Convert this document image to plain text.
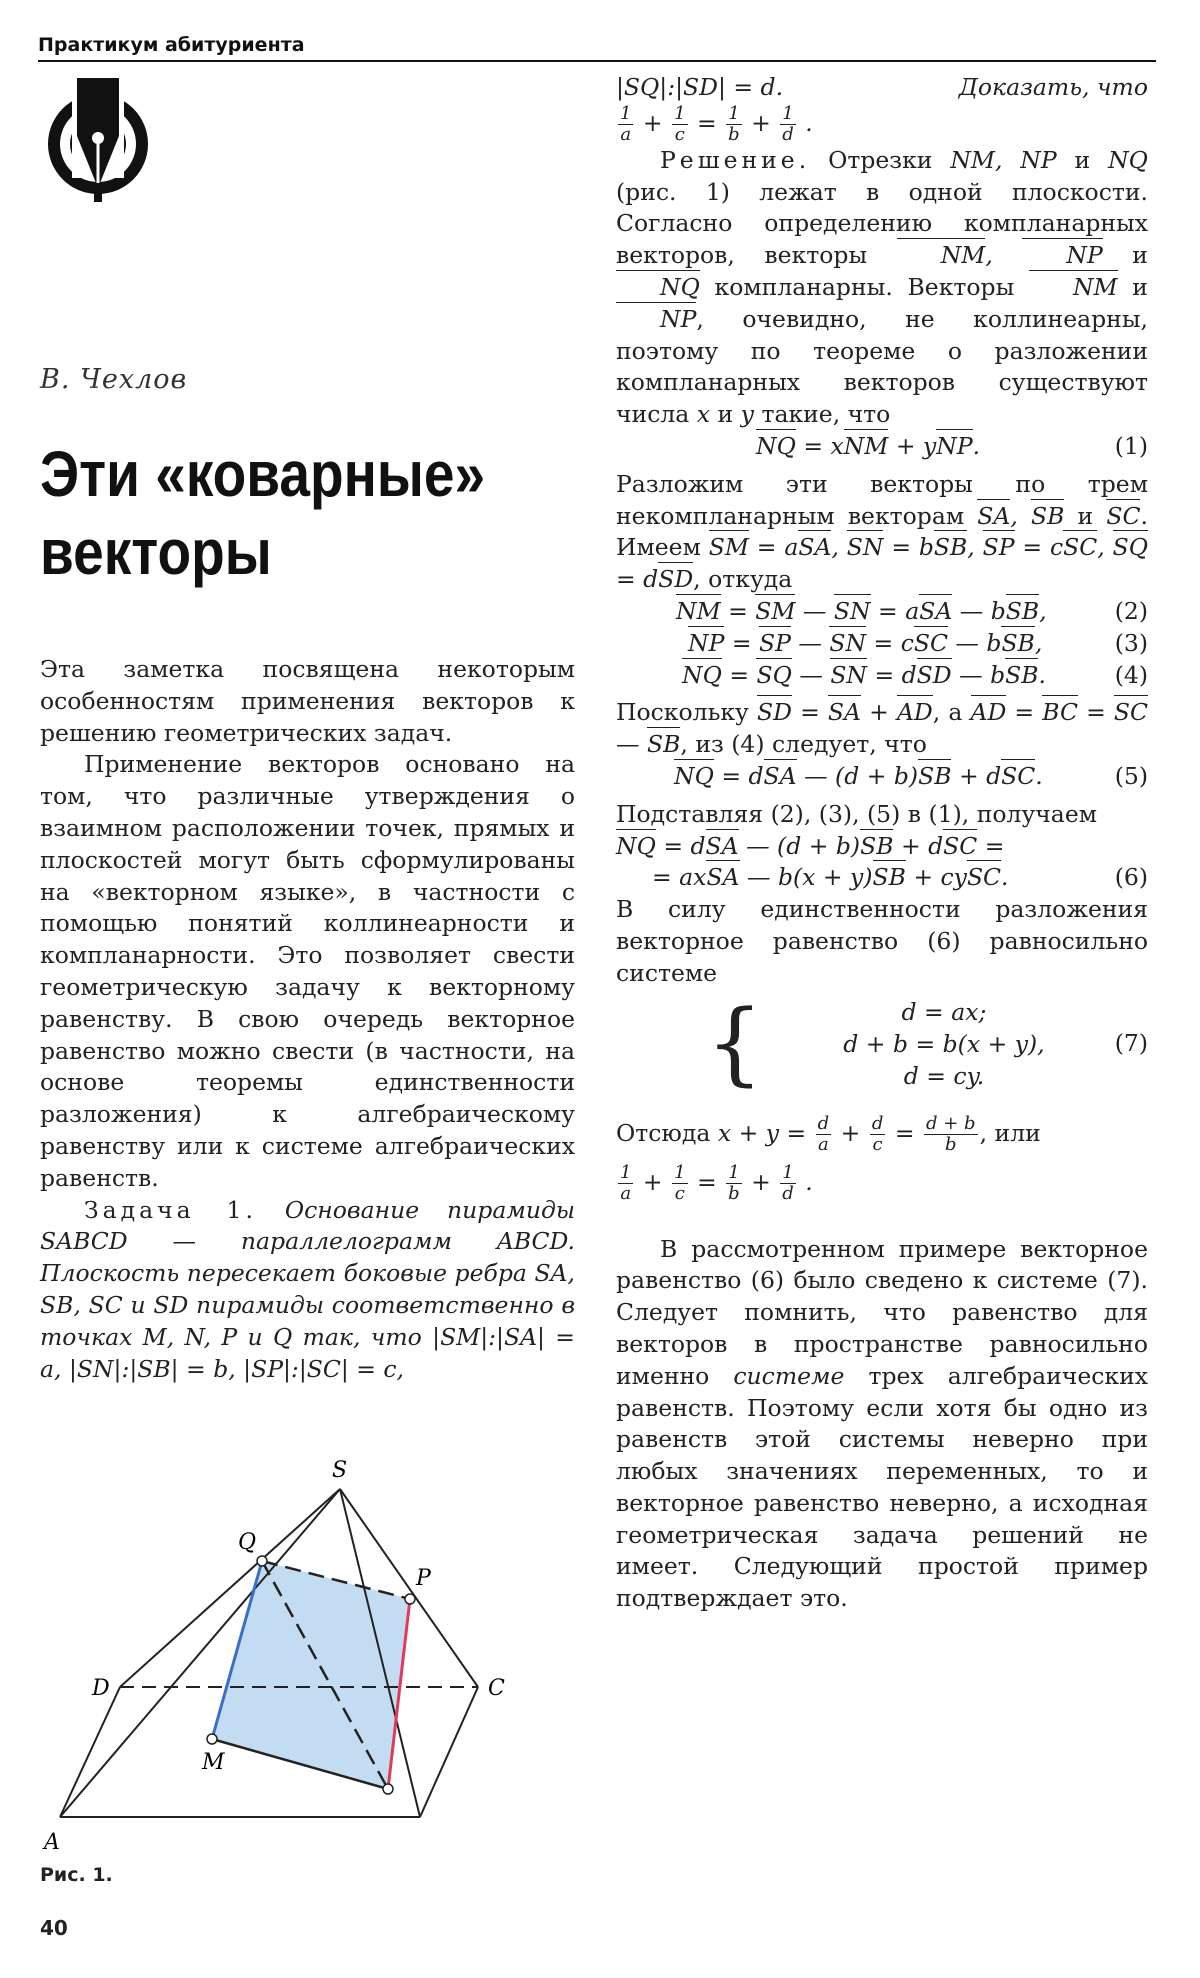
Практикум абитуриента
В. Чехлов
Эти «коварные» векторы

Эта заметка посвящена некоторым особенностям применения векторов к решению геометрических задач.

Применение векторов основано на том, что различные утверждения о взаимном расположении точек, прямых и плоскостей могут быть сформулированы на «векторном языке», в частности с помощью понятий коллинеарности и компланарности. Это позволяет свести геометрическую задачу к векторному равенству. В свою очередь векторное равенство можно свести (в частности, на основе теоремы единственности разложения) к алгебраическому равенству или к системе алгебраических равенств.

Задача 1. Основание пирамиды SABCD — параллелограмм ABCD. Плоскость пересекает боковые ребра SA, SB, SC и SD пирамиды соответственно в точках M, N, P и Q так, что |SM|:|SA| = a, |SN|:|SB| = b, |SP|:|SC| = c,

|SQ|:|SD| = d.	Доказать, что

$\frac{1}{a} + \frac{1}{c} = \frac{1}{b} + \frac{1}{d}$ .

Решение. Отрезки NM, NP и NQ (рис. 1) лежат в одной плоскости. Согласно определению компланарных векторов, векторы	NM, NP и NQ компланарны. Векторы NM и NP, очевидно, не коллинеарны, поэтому по теореме о разложении компланарных векторов существуют числа x и y такие, что

NQ = xNM + yNP.	(1)

Разложим эти векторы по трем некомпланарным векторам SA, SB и SC. Имеем SM = aSA, SN = bSB, SP = cSC, SQ = dSD, откуда

NM = SM — SN = aSA — bSB,	(2)

NP = SP — SN = cSC — bSB,	(3)

NQ = SQ — SN = dSD — bSB.	(4)

Поскольку SD = SA + AD, а AD = BC = SC — SB, из (4) следует, что

NQ = dSA — (d + b)SB + dSC.	(5)

Подставляя (2), (3), (5) в (1), получаем

NQ = dSA — (d + b)SB + dSC =

= axSA — b(x + y)SB + cySC.	(6)

В силу единственности разложения векторное равенство (6) равносильно системе

{	d = ax;
d + b = b(x + y),
d = cy.
(7)

Отсюда $x + y = \frac{d}{a} + \frac{d}{c} = \frac{d + b}{b}$ , или

$\frac{1}{a} + \frac{1}{c} = \frac{1}{b} + \frac{1}{d}$ .

В рассмотренном примере векторное равенство (6) было сведено к системе (7). Следует помнить, что равенство для векторов в пространстве равносильно именно системе трех алгебраических равенств. Поэтому если хотя бы одно из равенств этой системы неверно при любых значениях переменных, то и векторное равенство неверно, а исходная геометрическая задача решений не имеет. Следующий простой пример подтверждает это.

S
Q
P
M
D	C
A
Рис. 1.
40
